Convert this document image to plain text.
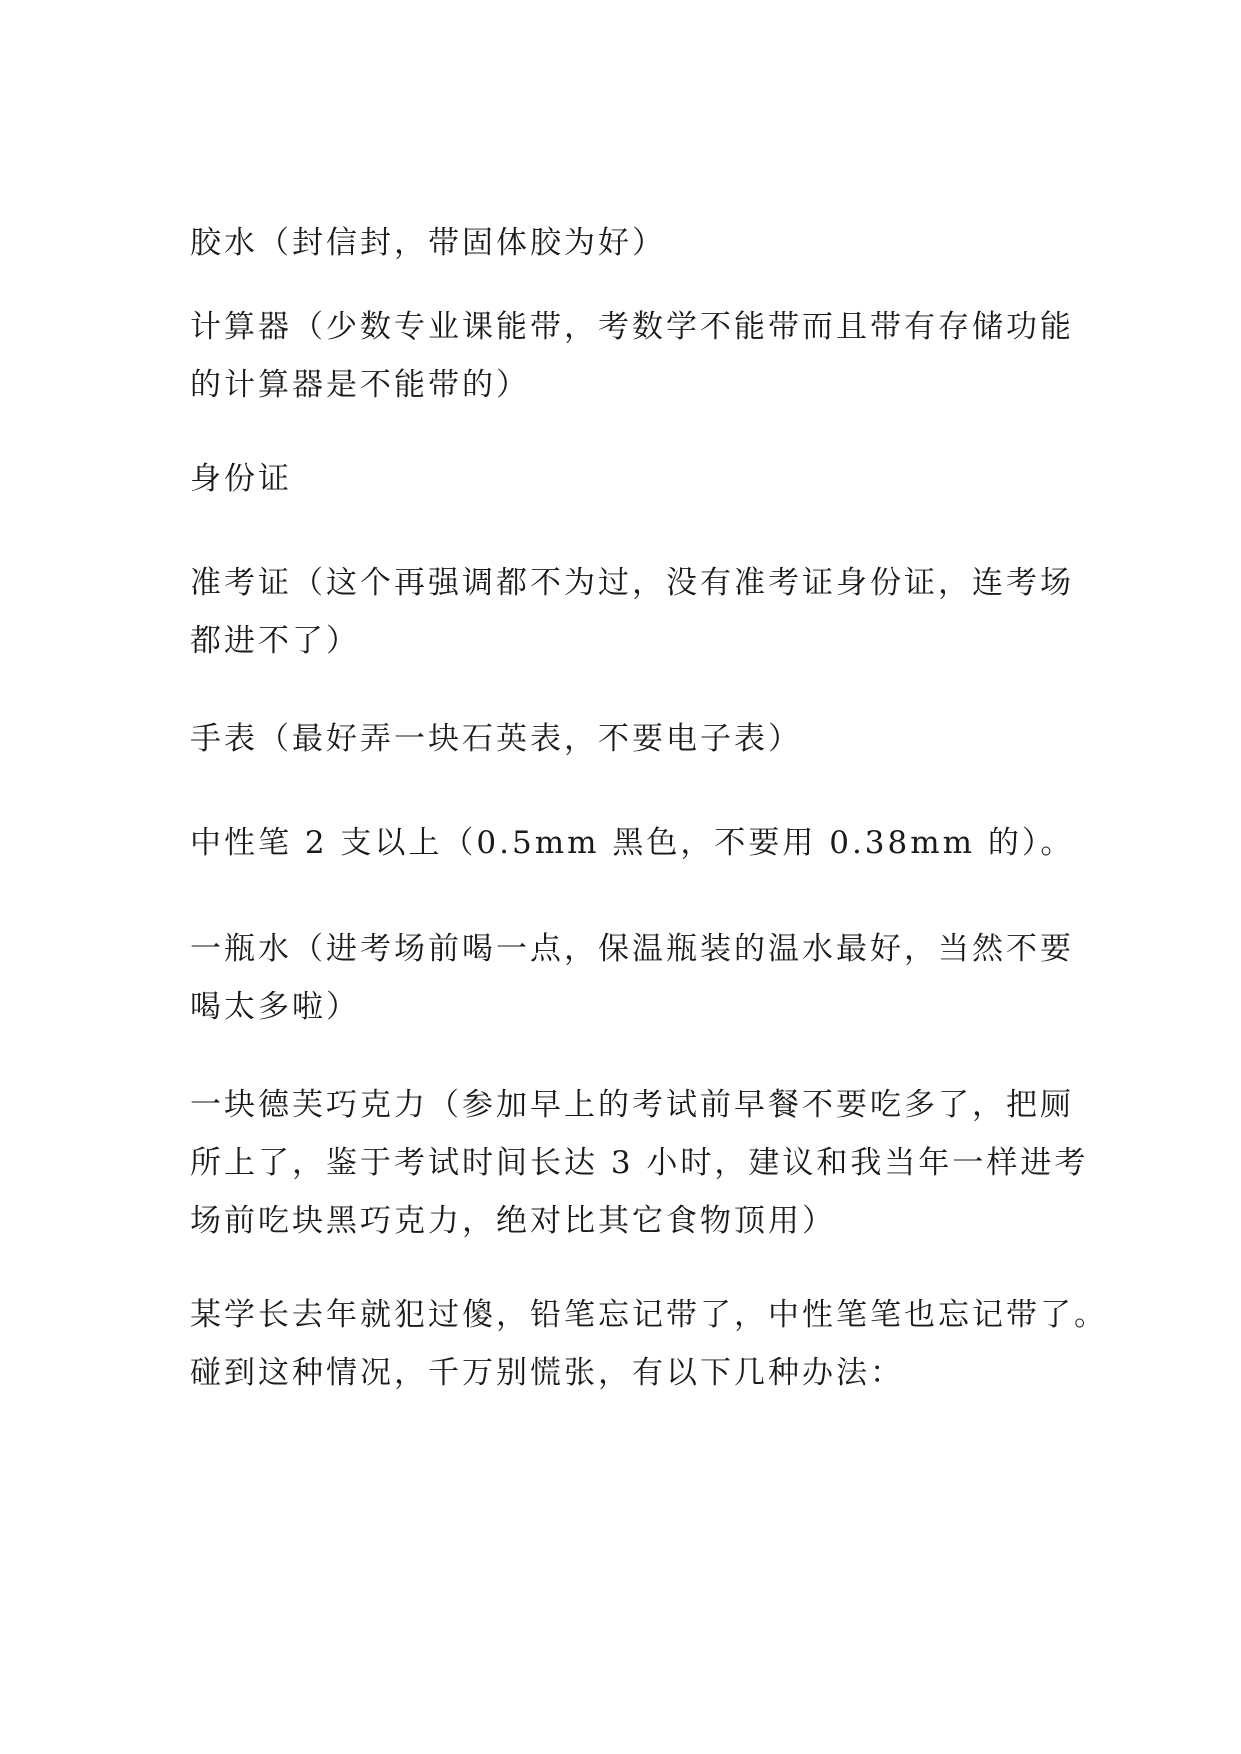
胶水（封信封，带固体胶为好）

计算器（少数专业课能带，考数学不能带而且带有存储功能
的计算器是不能带的）

身份证

准考证（这个再强调都不为过，没有准考证身份证，连考场
都进不了）

手表（最好弄一块石英表，不要电子表）

中性笔 2 支以上（0.5mm 黑色，不要用 0.38mm 的）。

一瓶水（进考场前喝一点，保温瓶装的温水最好，当然不要
喝太多啦）

一块德芙巧克力（参加早上的考试前早餐不要吃多了，把厕
所上了，鉴于考试时间长达 3 小时，建议和我当年一样进考
场前吃块黑巧克力，绝对比其它食物顶用）

某学长去年就犯过傻，铅笔忘记带了，中性笔笔也忘记带了。
碰到这种情况，千万别慌张，有以下几种办法：
